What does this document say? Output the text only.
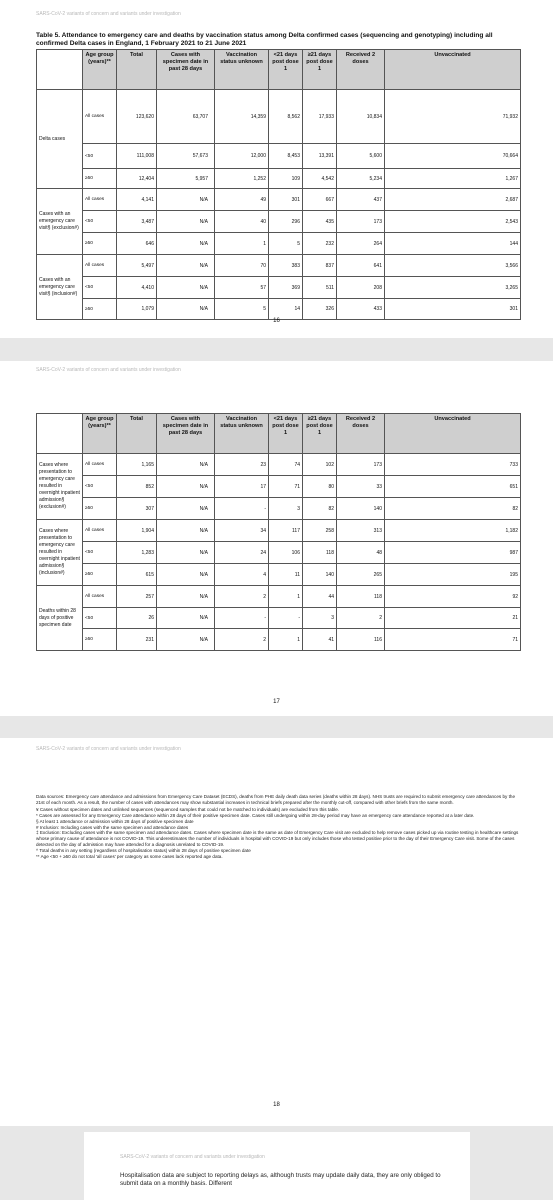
SARS-CoV-2 variants of concern and variants under investigation
Table 5. Attendance to emergency care and deaths by vaccination status among Delta confirmed cases (sequencing and genotyping) including all confirmed Delta cases in England, 1 February 2021 to 21 June 2021
	Age group (years)**	Total	Cases with specimen date in past 28 days	Vaccination status unknown	<21 days post dose 1	≥21 days post dose 1	Received 2 doses	Unvaccinated
Delta cases	All cases	123,620	63,707	14,359	8,562	17,933	10,834	71,932
	<50	111,008	57,673	12,000	8,453	13,391	5,600	70,664
	≥50	12,404	5,957	1,252	109	4,542	5,234	1,267
Cases with an emergency care visit§ (exclusion#)	All cases	4,141	N/A	49	301	667	437	2,687
	<50	3,487	N/A	40	296	435	173	2,543
	≥50	646	N/A	1	5	232	264	144
Cases with an emergency care visit§ (inclusion#)	All cases	5,497	N/A	70	383	837	641	3,566
	<50	4,410	N/A	57	369	511	208	3,265
	≥50	1,079	N/A	5	14	326	433	301
16
SARS-CoV-2 variants of concern and variants under investigation
	Age group (years)**	Total	Cases with specimen date in past 28 days	Vaccination status unknown	<21 days post dose 1	≥21 days post dose 1	Received 2 doses	Unvaccinated
Cases where presentation to emergency care resulted in overnight inpatient admission§ (exclusion#)	All cases	1,165	N/A	23	74	102	173	733
	<50	852	N/A	17	71	80	33	651
	≥50	307	N/A	-	3	82	140	82
Cases where presentation to emergency care resulted in overnight inpatient admission§ (inclusion#)	All cases	1,904	N/A	34	117	258	313	1,182
	<50	1,283	N/A	24	106	118	48	987
	≥50	615	N/A	4	11	140	265	195
Deaths within 28 days of positive specimen date	All cases	257	N/A	2	1	44	118	92
	<50	26	N/A	-	-	3	2	21
	≥50	231	N/A	2	1	41	116	71
17
SARS-CoV-2 variants of concern and variants under investigation

Data sources: Emergency care attendance and admissions from Emergency Care Dataset (ECDS), deaths from PHE daily death data series (deaths within 28 days). NHS trusts are required to submit emergency care attendances by the 21st of each month. As a result, the number of cases with attendances may show substantial increases in technical briefs prepared after the monthly cut-off, compared with other briefs from the same month.

¥ Cases without specimen dates and unlinked sequences (sequenced samples that could not be matched to individuals) are excluded from this table.

* Cases are assessed for any Emergency Care attendance within 28 days of their positive specimen date. Cases still undergoing within 28-day period may have an emergency care attendance reported at a later date.

§ At least 1 attendance or admission within 28 days of positive specimen date

# Inclusion: Including cases with the same specimen and attendance dates

‡ Exclusion: Excluding cases with the same specimen and attendance dates. Cases where specimen date is the same as date of Emergency Care visit are excluded to help remove cases picked up via routine testing in healthcare settings whose primary cause of attendance is not COVID-19. This underestimates the number of individuals in hospital with COVID-19 but only includes those who tested positive prior to the day of their Emergency Care visit. Some of the cases detected on the day of admission may have attended for a diagnosis unrelated to COVID-19.

^ Total deaths in any setting (regardless of hospitalisation status) within 28 days of positive specimen date

** Age <50 + ≥50 do not total 'all cases' per category as some cases lack reported age data.

18
SARS-CoV-2 variants of concern and variants under investigation
Hospitalisation data are subject to reporting delays as, although trusts may update daily data, they are only obliged to submit data on a monthly basis. Different
